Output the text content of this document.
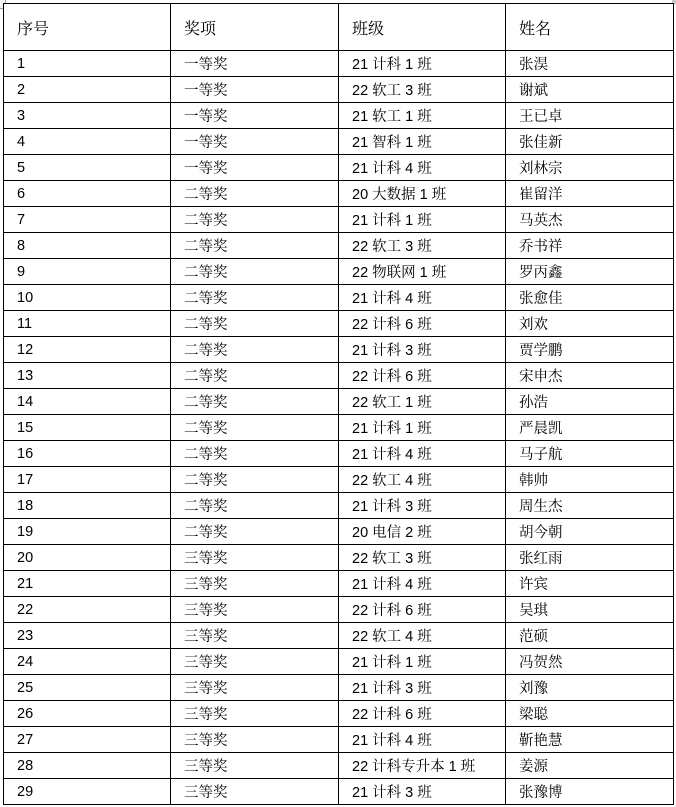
序号	奖项	班级	姓名
1	一等奖	21 计科 1 班	张淏
2	一等奖	22 软工 3 班	谢斌
3	一等奖	21 软工 1 班	王已卓
4	一等奖	21 智科 1 班	张佳新
5	一等奖	21 计科 4 班	刘林宗
6	二等奖	20 大数据 1 班	崔留洋
7	二等奖	21 计科 1 班	马英杰
8	二等奖	22 软工 3 班	乔书祥
9	二等奖	22 物联网 1 班	罗丙鑫
10	二等奖	21 计科 4 班	张愈佳
11	二等奖	22 计科 6 班	刘欢
12	二等奖	21 计科 3 班	贾学鹏
13	二等奖	22 计科 6 班	宋申杰
14	二等奖	22 软工 1 班	孙浩
15	二等奖	21 计科 1 班	严晨凯
16	二等奖	21 计科 4 班	马子航
17	二等奖	22 软工 4 班	韩帅
18	二等奖	21 计科 3 班	周生杰
19	二等奖	20 电信 2 班	胡今朝
20	三等奖	22 软工 3 班	张红雨
21	三等奖	21 计科 4 班	许宾
22	三等奖	22 计科 6 班	吴琪
23	三等奖	22 软工 4 班	范硕
24	三等奖	21 计科 1 班	冯贺然
25	三等奖	21 计科 3 班	刘豫
26	三等奖	22 计科 6 班	梁聪
27	三等奖	21 计科 4 班	靳艳慧
28	三等奖	22 计科专升本 1 班	姜源
29	三等奖	21 计科 3 班	张豫博
